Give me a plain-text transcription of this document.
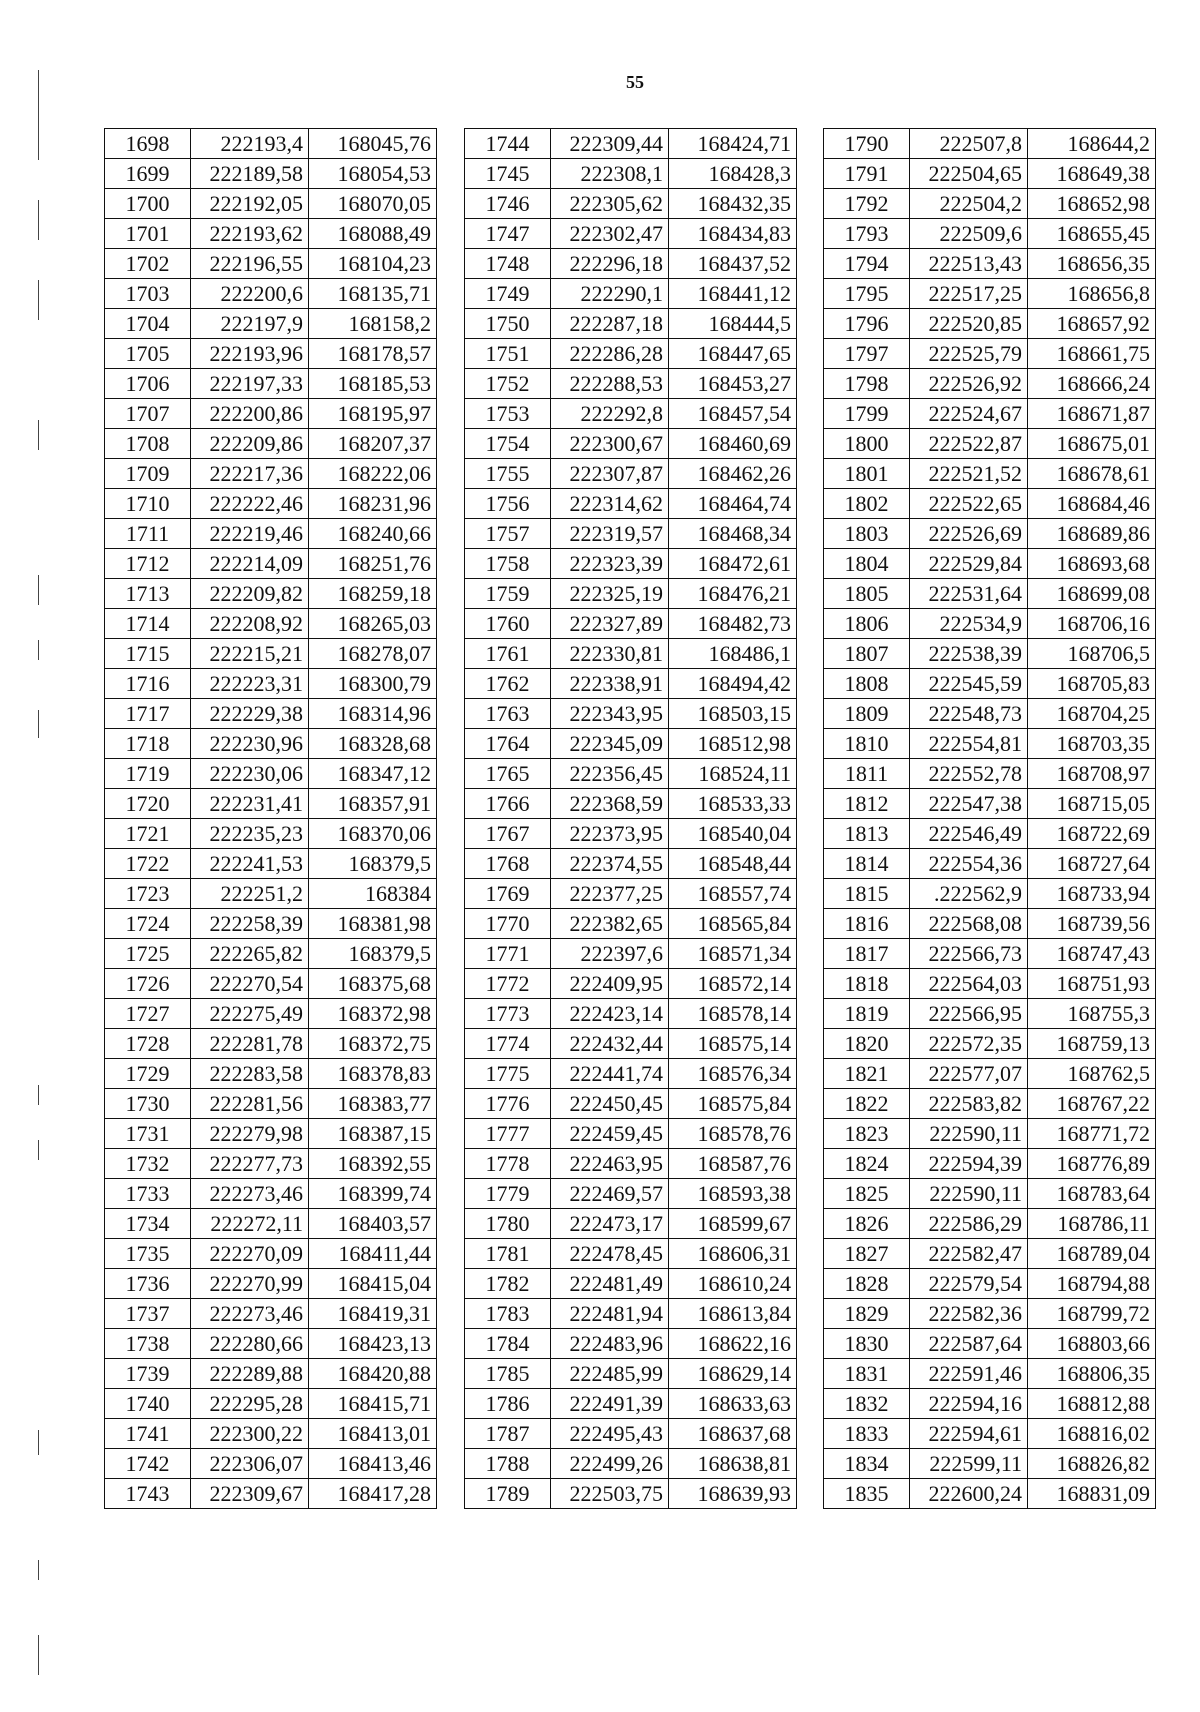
55
1698	222193,4	168045,76
1699	222189,58	168054,53
1700	222192,05	168070,05
1701	222193,62	168088,49
1702	222196,55	168104,23
1703	222200,6	168135,71
1704	222197,9	168158,2
1705	222193,96	168178,57
1706	222197,33	168185,53
1707	222200,86	168195,97
1708	222209,86	168207,37
1709	222217,36	168222,06
1710	222222,46	168231,96
1711	222219,46	168240,66
1712	222214,09	168251,76
1713	222209,82	168259,18
1714	222208,92	168265,03
1715	222215,21	168278,07
1716	222223,31	168300,79
1717	222229,38	168314,96
1718	222230,96	168328,68
1719	222230,06	168347,12
1720	222231,41	168357,91
1721	222235,23	168370,06
1722	222241,53	168379,5
1723	222251,2	168384
1724	222258,39	168381,98
1725	222265,82	168379,5
1726	222270,54	168375,68
1727	222275,49	168372,98
1728	222281,78	168372,75
1729	222283,58	168378,83
1730	222281,56	168383,77
1731	222279,98	168387,15
1732	222277,73	168392,55
1733	222273,46	168399,74
1734	222272,11	168403,57
1735	222270,09	168411,44
1736	222270,99	168415,04
1737	222273,46	168419,31
1738	222280,66	168423,13
1739	222289,88	168420,88
1740	222295,28	168415,71
1741	222300,22	168413,01
1742	222306,07	168413,46
1743	222309,67	168417,28
1744	222309,44	168424,71
1745	222308,1	168428,3
1746	222305,62	168432,35
1747	222302,47	168434,83
1748	222296,18	168437,52
1749	222290,1	168441,12
1750	222287,18	168444,5
1751	222286,28	168447,65
1752	222288,53	168453,27
1753	222292,8	168457,54
1754	222300,67	168460,69
1755	222307,87	168462,26
1756	222314,62	168464,74
1757	222319,57	168468,34
1758	222323,39	168472,61
1759	222325,19	168476,21
1760	222327,89	168482,73
1761	222330,81	168486,1
1762	222338,91	168494,42
1763	222343,95	168503,15
1764	222345,09	168512,98
1765	222356,45	168524,11
1766	222368,59	168533,33
1767	222373,95	168540,04
1768	222374,55	168548,44
1769	222377,25	168557,74
1770	222382,65	168565,84
1771	222397,6	168571,34
1772	222409,95	168572,14
1773	222423,14	168578,14
1774	222432,44	168575,14
1775	222441,74	168576,34
1776	222450,45	168575,84
1777	222459,45	168578,76
1778	222463,95	168587,76
1779	222469,57	168593,38
1780	222473,17	168599,67
1781	222478,45	168606,31
1782	222481,49	168610,24
1783	222481,94	168613,84
1784	222483,96	168622,16
1785	222485,99	168629,14
1786	222491,39	168633,63
1787	222495,43	168637,68
1788	222499,26	168638,81
1789	222503,75	168639,93
1790	222507,8	168644,2
1791	222504,65	168649,38
1792	222504,2	168652,98
1793	222509,6	168655,45
1794	222513,43	168656,35
1795	222517,25	168656,8
1796	222520,85	168657,92
1797	222525,79	168661,75
1798	222526,92	168666,24
1799	222524,67	168671,87
1800	222522,87	168675,01
1801	222521,52	168678,61
1802	222522,65	168684,46
1803	222526,69	168689,86
1804	222529,84	168693,68
1805	222531,64	168699,08
1806	222534,9	168706,16
1807	222538,39	168706,5
1808	222545,59	168705,83
1809	222548,73	168704,25
1810	222554,81	168703,35
1811	222552,78	168708,97
1812	222547,38	168715,05
1813	222546,49	168722,69
1814	222554,36	168727,64
1815	.222562,9	168733,94
1816	222568,08	168739,56
1817	222566,73	168747,43
1818	222564,03	168751,93
1819	222566,95	168755,3
1820	222572,35	168759,13
1821	222577,07	168762,5
1822	222583,82	168767,22
1823	222590,11	168771,72
1824	222594,39	168776,89
1825	222590,11	168783,64
1826	222586,29	168786,11
1827	222582,47	168789,04
1828	222579,54	168794,88
1829	222582,36	168799,72
1830	222587,64	168803,66
1831	222591,46	168806,35
1832	222594,16	168812,88
1833	222594,61	168816,02
1834	222599,11	168826,82
1835	222600,24	168831,09
